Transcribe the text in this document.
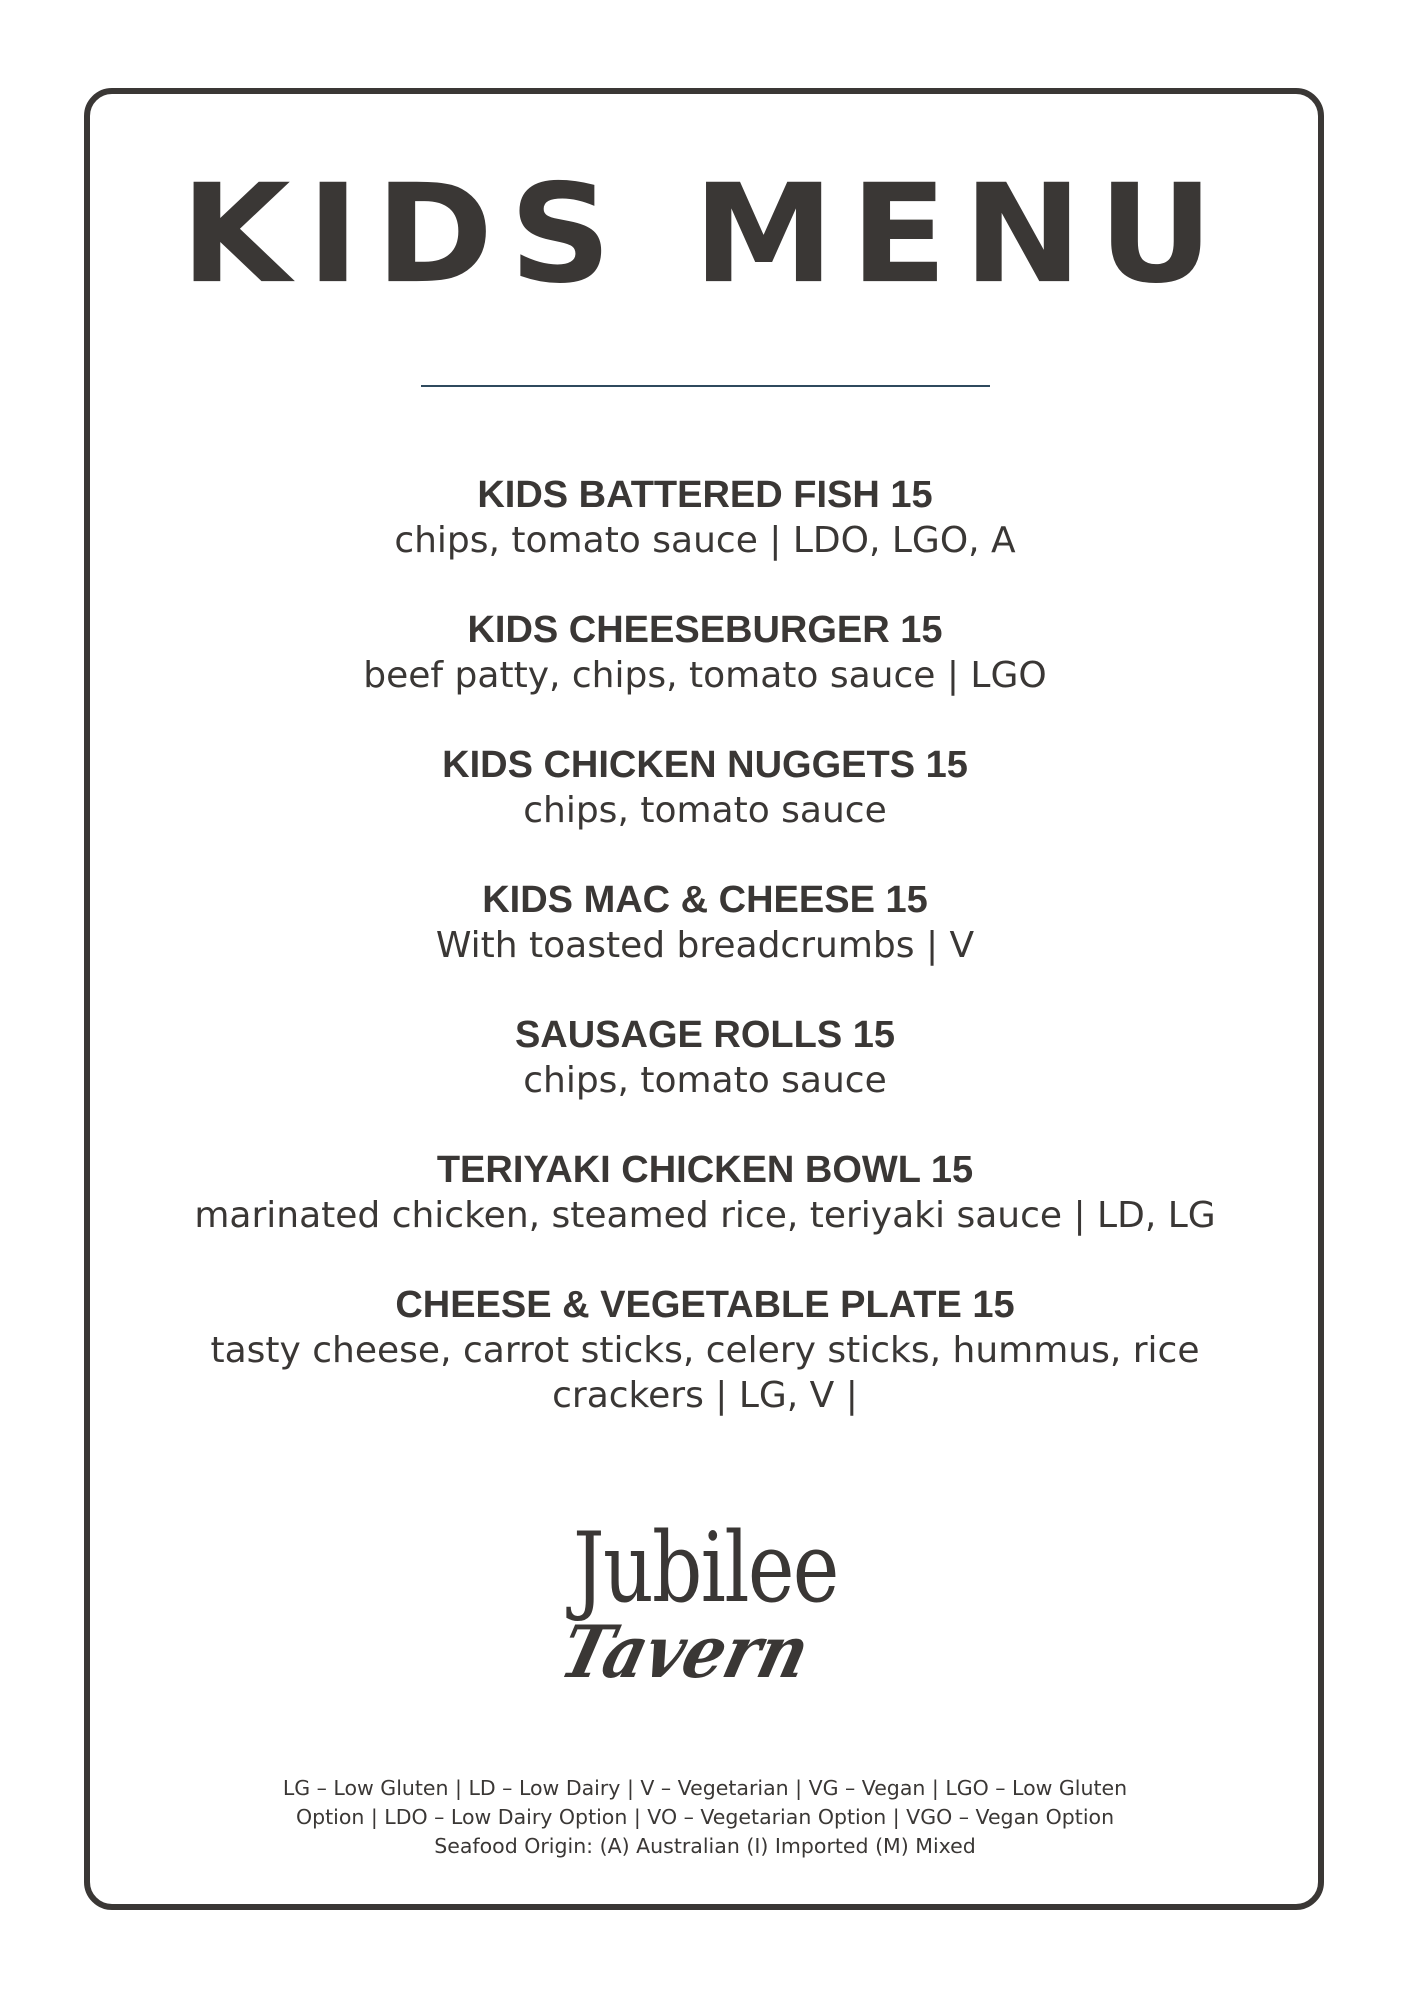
KIDS MENU

KIDS BATTERED FISH 15

chips, tomato sauce | LDO, LGO, A

KIDS CHEESEBURGER 15

beef patty, chips, tomato sauce | LGO

KIDS CHICKEN NUGGETS 15

chips, tomato sauce

KIDS MAC & CHEESE 15

With toasted breadcrumbs | V

SAUSAGE ROLLS 15

chips, tomato sauce

TERIYAKI CHICKEN BOWL 15

marinated chicken, steamed rice, teriyaki sauce | LD, LG

CHEESE & VEGETABLE PLATE 15

tasty cheese, carrot sticks, celery sticks, hummus, rice crackers | LG, V |

Jubilee
Tavern

LG – Low Gluten | LD – Low Dairy | V – Vegetarian | VG – Vegan | LGO – Low Gluten

Option | LDO – Low Dairy Option | VO – Vegetarian Option | VGO – Vegan Option

Seafood Origin: (A) Australian (I) Imported (M) Mixed
